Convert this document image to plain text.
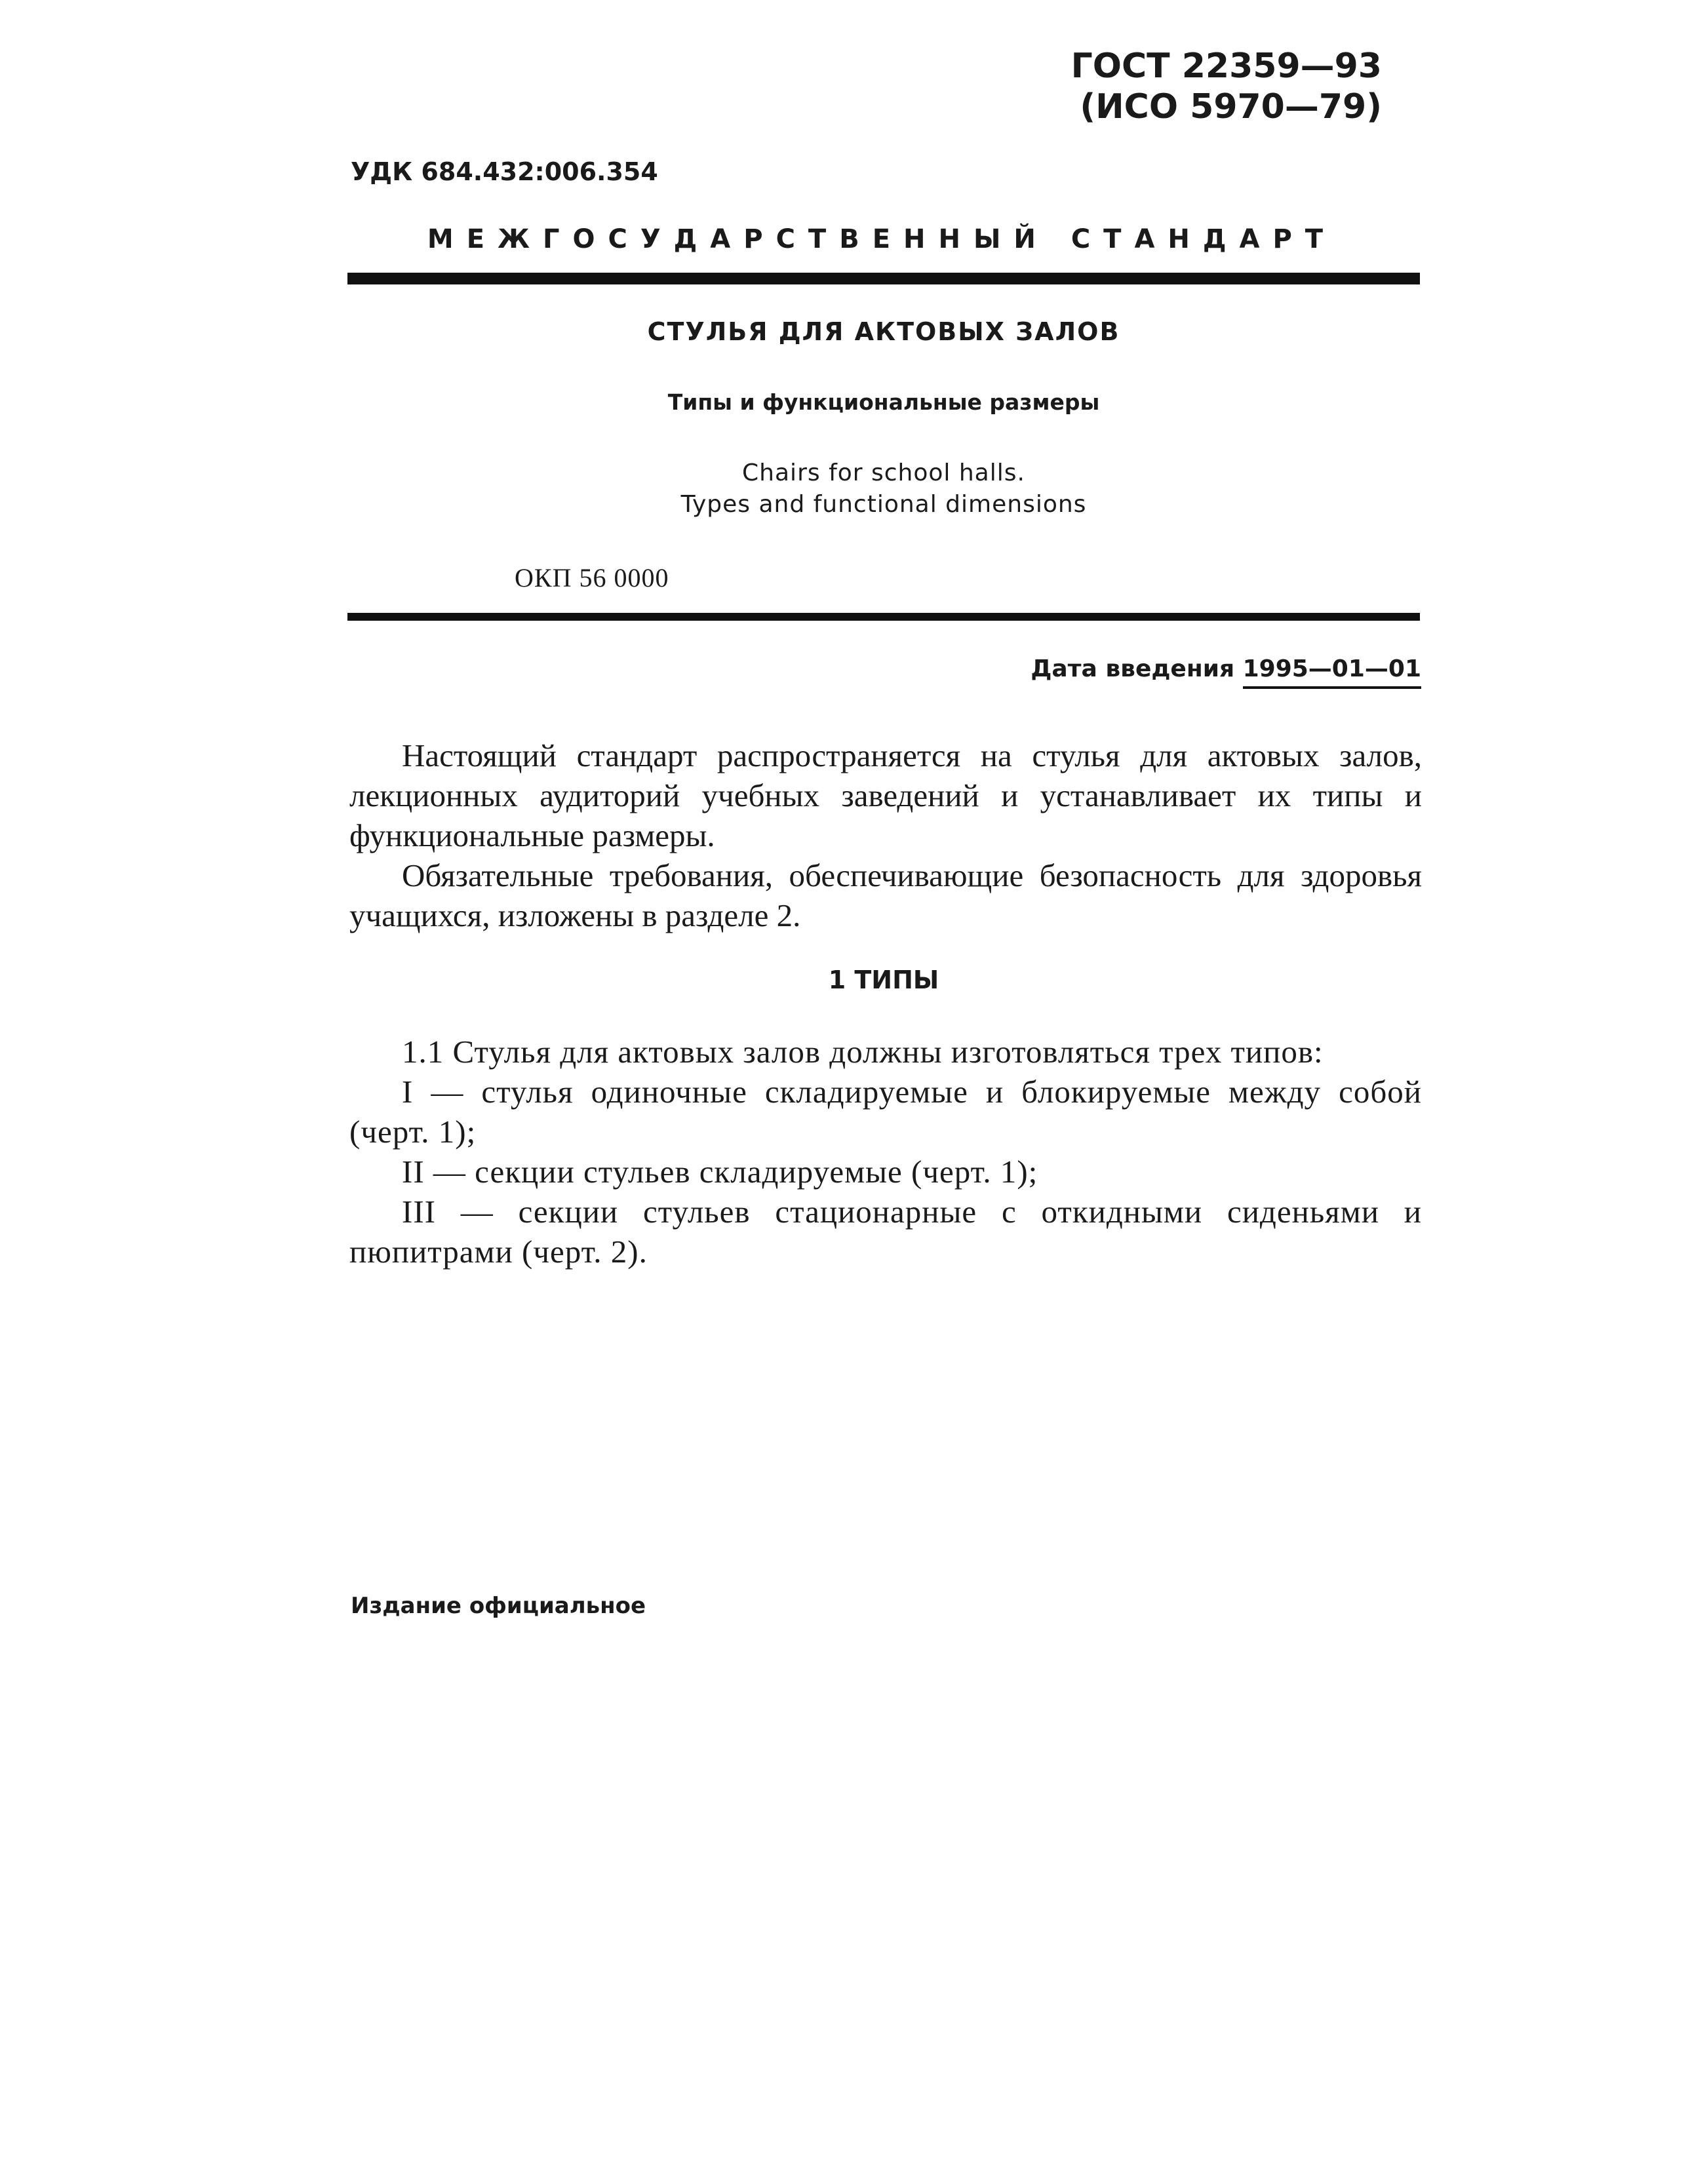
ГОСТ 22359—93
(ИСО 5970—79)
УДК 684.432:006.354
МЕЖГОСУДАРСТВЕННЫЙ СТАНДАРТ
СТУЛЬЯ ДЛЯ АКТОВЫХ ЗАЛОВ
Типы и функциональные размеры
Chairs for school halls.
Types and functional dimensions
ОКП 56 0000
Дата введения 1995—01—01

Настоящий стандарт распространяется на стулья для актовых залов, лекционных аудиторий учебных заведений и устанавливает их типы и функциональные размеры.

Обязательные требования, обеспечивающие безопасность для здоровья учащихся, изложены в разделе 2.

1 ТИПЫ

1.1 Стулья для актовых залов должны изготовляться трех типов:

I — стулья одиночные складируемые и блокируемые между собой (черт. 1);

II — секции стульев складируемые (черт. 1);

III — секции стульев стационарные с откидными сиденьями и пюпитрами (черт. 2).

Издание официальное
